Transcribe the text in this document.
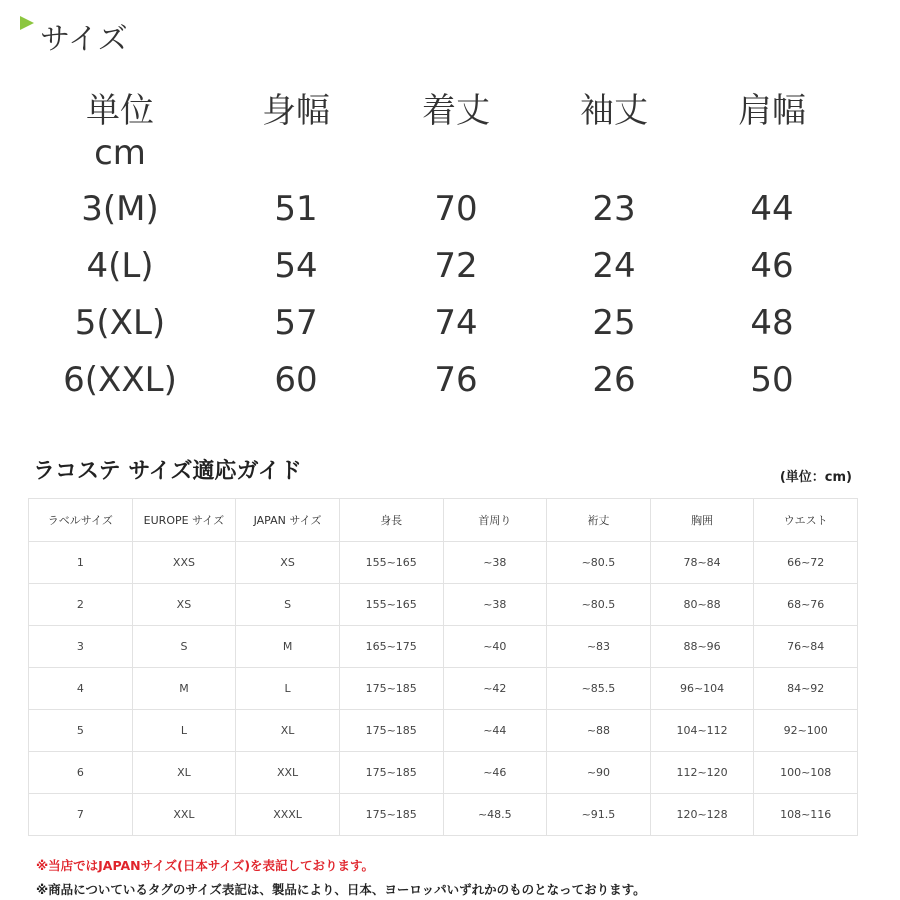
サイズ
単位
cm
身幅	着丈	袖丈	肩幅
3(M)	51	70	23	44
4(L)	54	72	24	46
5(XL)	57	74	25	48
6(XXL)	60	76	26	50
ラコステ サイズ適応ガイド	(単位：cm)
ラベルサイズ	EUROPE サイズ	JAPAN サイズ	身長	首周り	裄丈	胸囲	ウエスト
1	XXS	XS	155~165	~38	~80.5	78~84	66~72
2	XS	S	155~165	~38	~80.5	80~88	68~76
3	S	M	165~175	~40	~83	88~96	76~84
4	M	L	175~185	~42	~85.5	96~104	84~92
5	L	XL	175~185	~44	~88	104~112	92~100
6	XL	XXL	175~185	~46	~90	112~120	100~108
7	XXL	XXXL	175~185	~48.5	~91.5	120~128	108~116
※当店ではJAPANサイズ(日本サイズ)を表記しております。
※商品についているタグのサイズ表記は、製品により、日本、ヨーロッパいずれかのものとなっております。
